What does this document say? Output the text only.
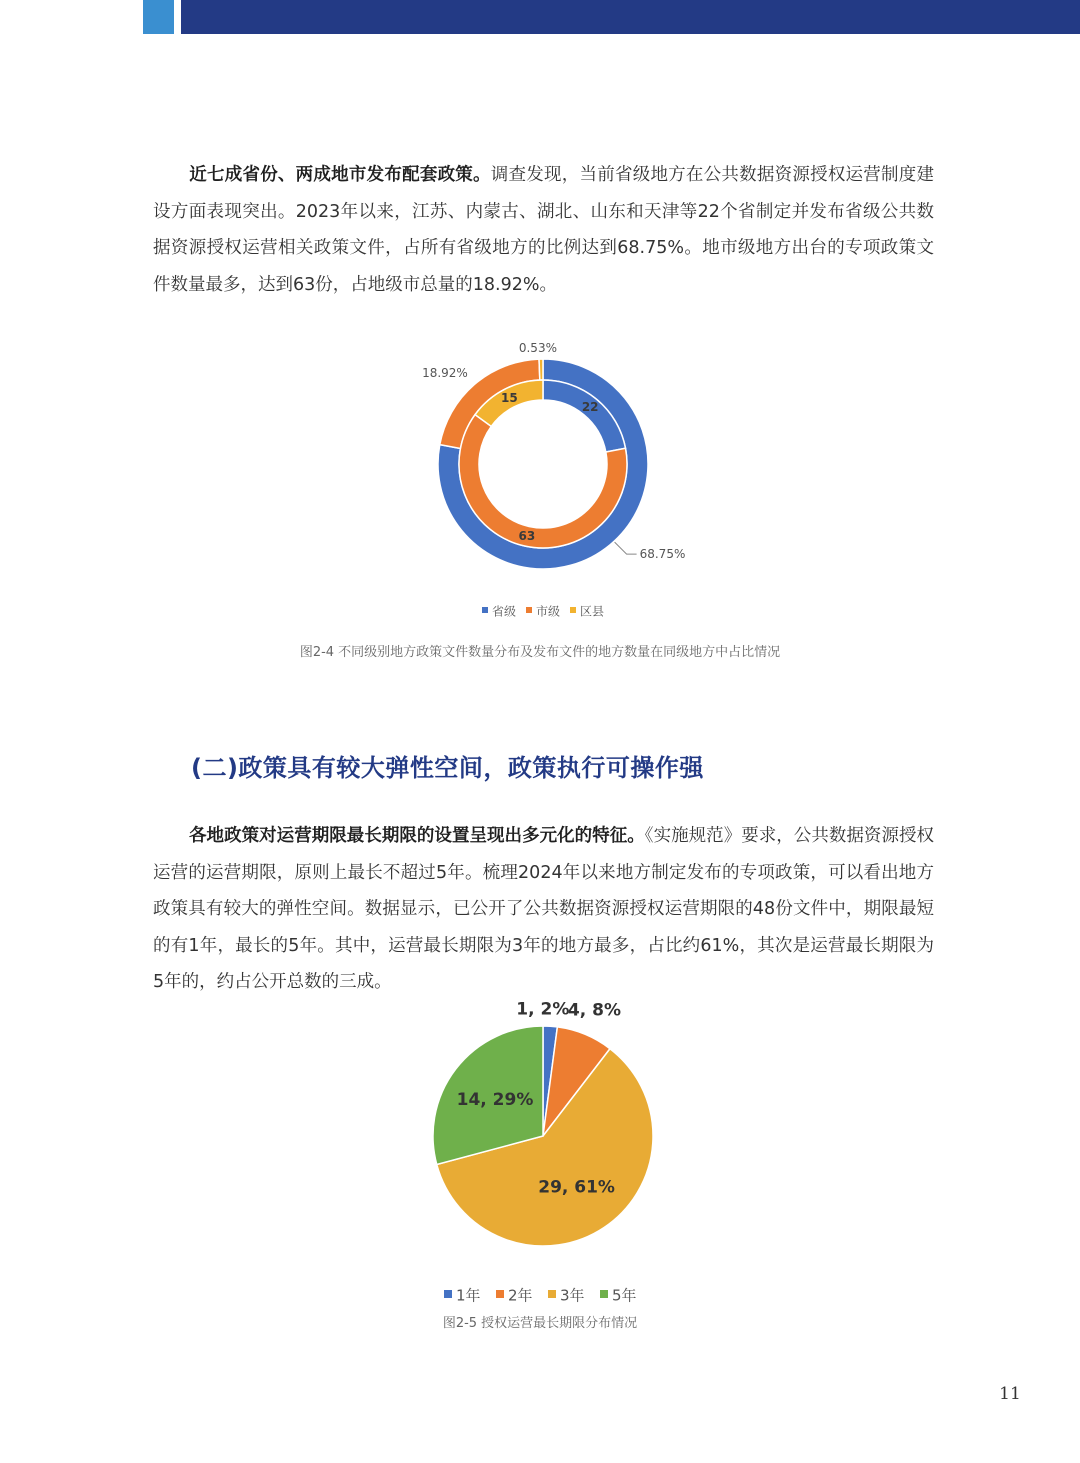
近七成省份、两成地市发布配套政策。调查发现，当前省级地方在公共数据资源授权运营制度建设方面表现突出。2023年以来，江苏、内蒙古、湖北、山东和天津等22个省制定并发布省级公共数据资源授权运营相关政策文件，占所有省级地方的比例达到68.75%。地市级地方出台的专项政策文件数量最多，达到63份，占地级市总量的18.92%。

22
63
15
68.75%
18.92%
0.53%
省级 市级 区县
图2-4 不同级别地方政策文件数量分布及发布文件的地方数量在同级地方中占比情况
(二)政策具有较大弹性空间，政策执行可操作强

各地政策对运营期限最长期限的设置呈现出多元化的特征。《实施规范》要求，公共数据资源授权运营的运营期限，原则上最长不超过5年。梳理2024年以来地方制定发布的专项政策，可以看出地方政策具有较大的弹性空间。数据显示，已公开了公共数据资源授权运营期限的48份文件中，期限最短的有1年，最长的5年。其中，运营最长期限为3年的地方最多，占比约61%，其次是运营最长期限为5年的，约占公开总数的三成。

1, 2%
4, 8%
29, 61%
14, 29%
1年 2年 3年 5年
图2-5 授权运营最长期限分布情况
11
